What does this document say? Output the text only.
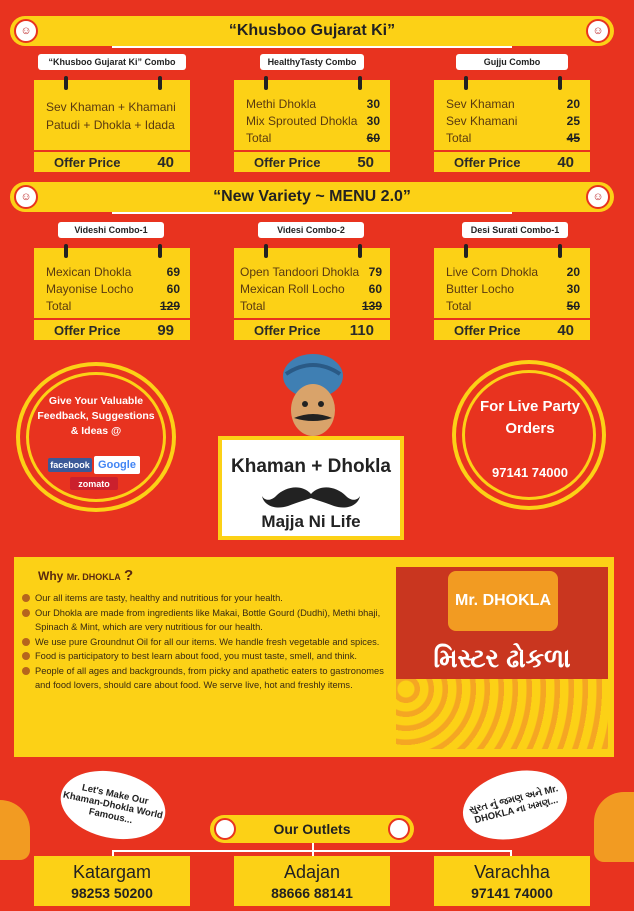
☺	“Khusboo Gujarat Ki”	☺
“Khusboo Gujarat Ki” Combo	HealthyTasty Combo	Gujju Combo
Sev Khaman + Khamani
Patudi + Dhokla + Idada
Offer Price 40
Methi Dhokla	30
Mix Sprouted Dhokla 30
Total	60
Offer Price 50
Sev Khaman	20
Sev Khamani	25
Total	45
Offer Price 40
☺	“New Variety ~ MENU 2.0”	☺
Videshi Combo-1	Videsi Combo-2	Desi Surati Combo-1
Mexican Dhokla	69
Mayonise Locho	60
Total	129
Offer Price 99
Open Tandoori Dhokla 79
Mexican Roll Locho 60
Total	139
Offer Price 110
Live Corn Dhokla 20
Butter Locho	30
Total	50
Offer Price 40
Give Your Valuable Feedback, Suggestions & Ideas @
facebook Google
zomato
Khaman + Dhokla
Majja Ni Life
For Live Party Orders
97141 74000
Why Mr. DHOKLA ?
Our all items are tasty, healthy and nutritious for your health.
Our Dhokla are made from ingredients like Makai, Bottle Gourd (Dudhi), Methi bhaji, Spinach & Mint, which are very nutritious for our health.
We use pure Groundnut Oil for all our items. We handle fresh vegetable and spices.
Food is participatory to best learn about food, you must taste, smell, and think.
People of all ages and backgrounds, from picky and apathetic eaters to gastronomes and food lovers, should care about food. We serve live, hot and freshly items.
Mr. DHOKLA
મિસ્ટર ઢોકળા
Let's Make Our Khaman-Dhokla World Famous...	સુરત નું જમણ અને Mr. DHOKLA ના ખમણ...
Our Outlets
Katargam
98253 50200
Adajan
88666 88141
Varachha
97141 74000
